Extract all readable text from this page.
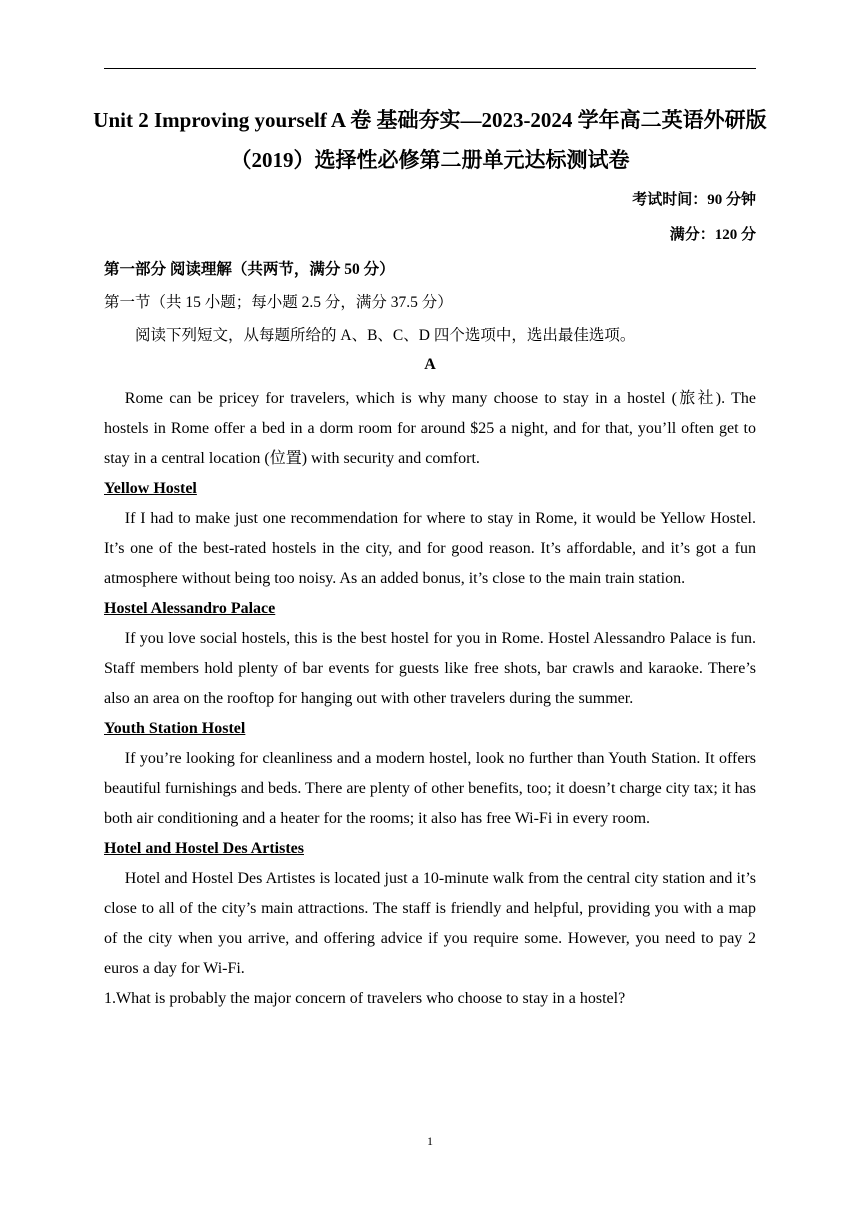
Unit 2 Improving yourself A 卷 基础夯实—2023-2024 学年高二英语外研版（2019）选择性必修第二册单元达标测试卷
考试时间：90 分钟
满分：120 分
第一部分 阅读理解（共两节，满分 50 分）
第一节（共 15 小题；每小题 2.5 分，满分 37.5 分）
阅读下列短文，从每题所给的 A、B、C、D 四个选项中，选出最佳选项。
A

Rome can be pricey for travelers, which is why many choose to stay in a hostel (旅社). The hostels in Rome offer a bed in a dorm room for around $25 a night, and for that, you’ll often get to stay in a central location (位置) with security and comfort.

Yellow Hostel

If I had to make just one recommendation for where to stay in Rome, it would be Yellow Hostel. It’s one of the best-rated hostels in the city, and for good reason. It’s affordable, and it’s got a fun atmosphere without being too noisy. As an added bonus, it’s close to the main train station.

Hostel Alessandro Palace

If you love social hostels, this is the best hostel for you in Rome. Hostel Alessandro Palace is fun. Staff members hold plenty of bar events for guests like free shots, bar crawls and karaoke. There’s also an area on the rooftop for hanging out with other travelers during the summer.

Youth Station Hostel

If you’re looking for cleanliness and a modern hostel, look no further than Youth Station. It offers beautiful furnishings and beds. There are plenty of other benefits, too; it doesn’t charge city tax; it has both air conditioning and a heater for the rooms; it also has free Wi-Fi in every room.

Hotel and Hostel Des Artistes

Hotel and Hostel Des Artistes is located just a 10-minute walk from the central city station and it’s close to all of the city’s main attractions. The staff is friendly and helpful, providing you with a map of the city when you arrive, and offering advice if you require some. However, you need to pay 2 euros a day for Wi-Fi.

1.What is probably the major concern of travelers who choose to stay in a hostel?
1
